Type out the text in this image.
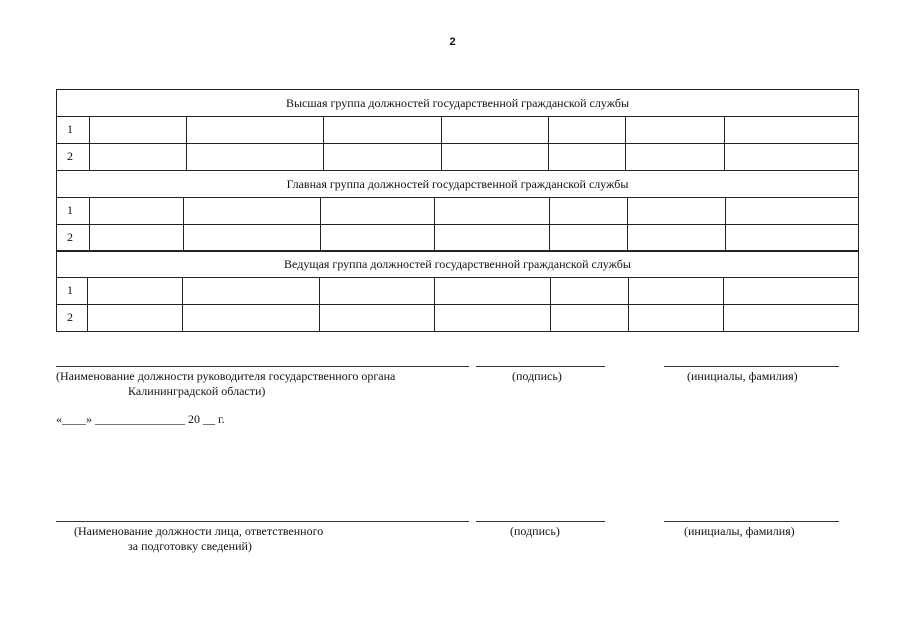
2
Высшая группа должностей государственной гражданской службы
1
2
Главная группа должностей государственной гражданской службы
1
2
Ведущая группа должностей государственной гражданской службы
1
2
(Наименование должности руководителя государственного органа
Калининградской области)
(подпись)	(инициалы, фамилия)
«____» _______________ 20 __ г.
(Наименование должности лица, ответственного
за подготовку сведений)
(подпись)	(инициалы, фамилия)
